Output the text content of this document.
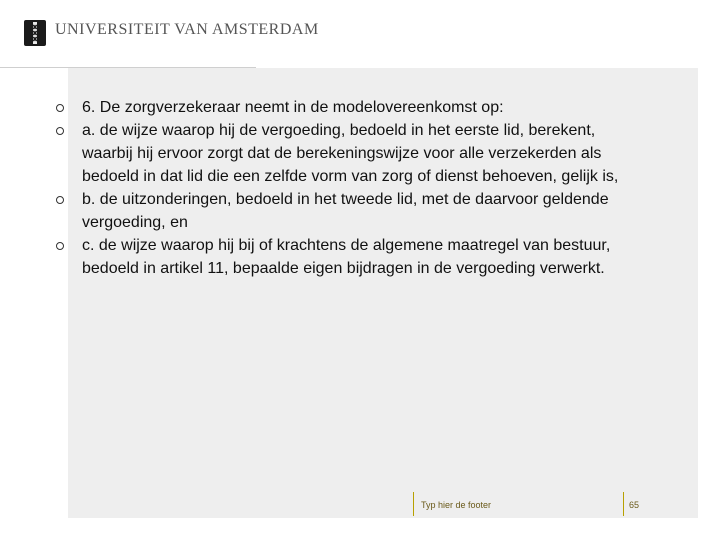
UNIVERSITEIT VAN AMSTERDAM
6. De zorgverzekeraar neemt in de modelovereenkomst op:
a. de wijze waarop hij de vergoeding, bedoeld in het eerste lid, berekent, waarbij hij ervoor zorgt dat de berekeningswijze voor alle verzekerden als bedoeld in dat lid die een zelfde vorm van zorg of dienst behoeven, gelijk is,
b. de uitzonderingen, bedoeld in het tweede lid, met de daarvoor geldende vergoeding, en
c. de wijze waarop hij bij of krachtens de algemene maatregel van bestuur, bedoeld in artikel 11, bepaalde eigen bijdragen in de vergoeding verwerkt.
Typ hier de footer	65
